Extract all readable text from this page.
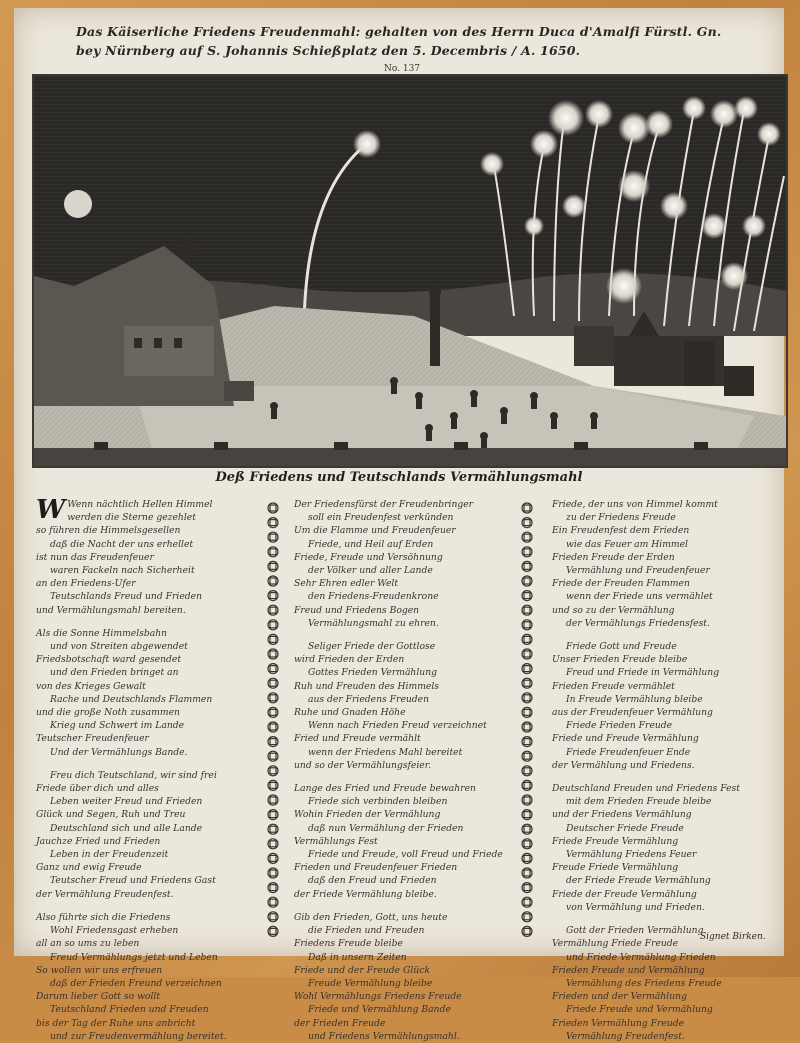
Das Käiserliche Friedens Freudenmahl: gehalten von des Herrn Duca d'Amalfi Fürstl. Gn. bey Nürnberg auf S. Johannis Schießplatz den 5. Decembris / A. 1650.
No. 137
Deß Friedens und Teutschlands Vermählungsmahl
W Wenn nächtlich Hellen Himmel
werden die Sterne gezehlet
so führen die Himmelsgesellen
daß die Nacht der uns erhellet
ist nun das Freudenfeuer
waren Fackeln nach Sicherheit
an den Friedens-Ufer
Teutschlands Freud und Frieden
und Vermählungsmahl bereiten.
Als die Sonne Himmelsbahn
und von Streiten abgewendet
Friedsbotschaft ward gesendet
und den Frieden bringet an
von des Krieges Gewalt
Rache und Deutschlands Flammen
und die große Noth zusammen
Krieg und Schwert im Lande
Teutscher Freudenfeuer
Und der Vermählungs Bande.
Freu dich Teutschland, wir sind frei
Friede über dich und alles
Leben weiter Freud und Frieden
Glück und Segen, Ruh und Treu
Deutschland sich und alle Lande
Jauchze Fried und Frieden
Leben in der Freudenzeit
Ganz und ewig Freude
Teutscher Freud und Friedens Gast
der Vermählung Freudenfest.
Also führte sich die Friedens
Wohl Friedensgast erheben
all an so ums zu leben
Freud Vermählungs jetzt und Leben
So wollen wir uns erfreuen
daß der Frieden Freund verzeichnen
Darum lieber Gott so wollt
Teutschland Frieden und Freuden
bis der Tag der Ruhe uns anbricht
und zur Freudenvermählung bereitet.
Der Friedensfürst der Freudenbringer
soll ein Freudenfest verkünden
Um die Flamme und Freudenfeuer
Friede, und Heil auf Erden
Friede, Freude und Versöhnung
der Völker und aller Lande
Sehr Ehren edler Welt
den Friedens-Freudenkrone
Freud und Friedens Bogen
Vermählungsmahl zu ehren.
Seliger Friede der Gottlose
wird Frieden der Erden
Gottes Frieden Vermählung
Ruh und Freuden des Himmels
aus der Friedens Freuden
Ruhe und Gnaden Höhe
Wenn nach Frieden Freud verzeichnet
Fried und Freude vermählt
wenn der Friedens Mahl bereitet
und so der Vermählungsfeier.
Lange des Fried und Freude bewahren
Friede sich verbinden bleiben
Wohin Frieden der Vermählung
daß nun Vermählung der Frieden
Vermählungs Fest
Friede und Freude, voll Freud und Friede
Frieden und Freudenfeuer Frieden
daß den Freud und Frieden
der Friede Vermählung bleibe.
Gib den Frieden, Gott, uns heute
die Frieden und Freuden
Friedens Freude bleibe
Daß in unsern Zeiten
Friede und der Freude Glück
Freude Vermählung bleibe
Wohl Vermählungs Friedens Freude
Friede und Vermählung Bande
der Frieden Freude
und Friedens Vermählungsmahl.
Friede, der uns von Himmel kommt
zu der Friedens Freude
Ein Freudenfest dem Frieden
wie das Feuer am Himmel
Frieden Freude der Erden
Vermählung und Freudenfeuer
Friede der Freuden Flammen
wenn der Friede uns vermählet
und so zu der Vermählung
der Vermählungs Friedensfest.
Friede Gott und Freude
Unser Frieden Freude bleibe
Freud und Friede in Vermählung
Frieden Freude vermählet
In Freude Vermählung bleibe
aus der Freudenfeuer Vermählung
Friede Frieden Freude
Friede und Freude Vermählung
Friede Freudenfeuer Ende
der Vermählung und Friedens.
Deutschland Freuden und Friedens Fest
mit dem Frieden Freude bleibe
und der Friedens Vermählung
Deutscher Friede Freude
Friede Freude Vermählung
Vermählung Friedens Feuer
Freude Friede Vermählung
der Friede Freude Vermählung
Friede der Freude Vermählung
von Vermählung und Frieden.
Gott der Frieden Vermählung
Vermählung Friede Freude
und Friede Vermählung Frieden
Frieden Freude und Vermählung
Vermählung des Friedens Freude
Frieden und der Vermählung
Friede Freude und Vermählung
Frieden Vermählung Freude
Vermählung Freudenfest.
Signet Birken.
